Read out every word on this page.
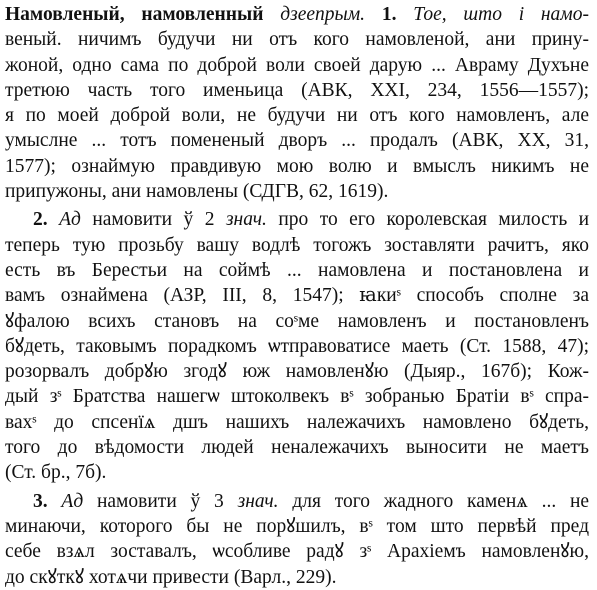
Намовленый, намовленный дзеепрым. 1. Тое, што і намо-
веный. ничимъ будучи ни отъ кого намовленой, ани прину-
жоной, одно сама по доброй воли своей дарую ... Авраму Духъне
третюю часть того именьица (АВК, XXI, 234, 1556—1557);
я по моей доброй воли, не будучи ни отъ кого намовленъ, але
умыслне ... тотъ помененый дворъ ... продалъ (АВК, XX, 31,
1577); ознаймую правдивую мою волю и вмыслъ никимъ не
припужоны, ани намовлены (СДГВ, 62, 1619).
2. Ад намовити ў 2 знач. про то его королевская милость и
теперь тую прозьбу вашу водлѣ тогожъ зоставляти рачитъ, яко
есть въ Берестьи на соймѣ ... намовлена и постановлена и
вамъ ознаймена (АЗР, III, 8, 1547); ꙗкиˢ способъ сполне за
ꙋфалою всихъ становъ на соˢме намовленъ и постановленъ
бꙋдеть, таковымъ порадкомъ ѡтправоватисе маеть (Ст. 1588, 47);
розорвалъ добрꙋю згодꙋ юж намовленꙋю (Дыяр., 167б); Кож-
дый зˢ Братства нашегѡ штоколвекъ вˢ зобранью Братіи вˢ спра-
вахˢ до спсенїѧ дшъ нашихъ належачихъ намовлено бꙋдеть,
того до вѣдомости людей неналежачихъ выносити не маетъ
(Ст. бр., 7б).
3. Ад намовити ў 3 знач. для того жадного каменѧ ... не
минаючи, которого бы не порꙋшилъ, вˢ том што первѣй пред
себе взѧл зоставалъ, ѡсобливе радꙋ зˢ Арахіемъ намовленꙋю,
до скꙋткꙋ хотѧчи привести (Варл., 229).
